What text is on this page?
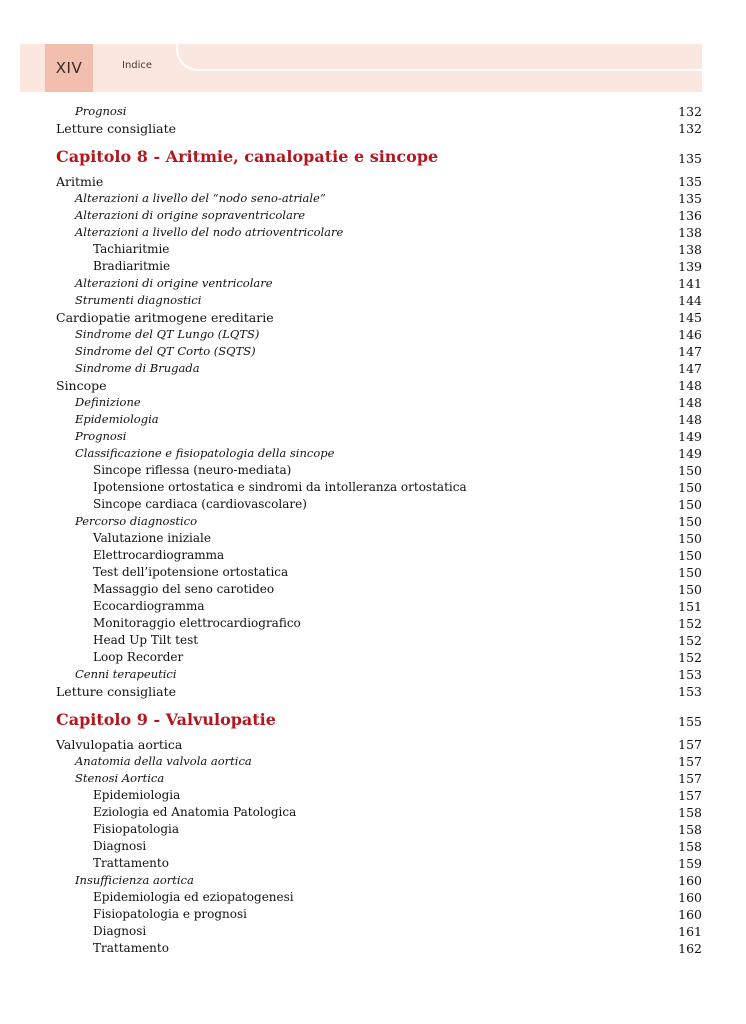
XIV	Indice
Prognosi	132
Letture consigliate	132
Capitolo 8 - Aritmie, canalopatie e sincope	135
Aritmie	135
Alterazioni a livello del “nodo seno-atriale”	135
Alterazioni di origine sopraventricolare	136
Alterazioni a livello del nodo atrioventricolare	138
Tachiaritmie	138
Bradiaritmie	139
Alterazioni di origine ventricolare	141
Strumenti diagnostici	144
Cardiopatie aritmogene ereditarie	145
Sindrome del QT Lungo (LQTS)	146
Sindrome del QT Corto (SQTS)	147
Sindrome di Brugada	147
Sincope	148
Definizione	148
Epidemiologia	148
Prognosi	149
Classificazione e fisiopatologia della sincope	149
Sincope riflessa (neuro-mediata)	150
Ipotensione ortostatica e sindromi da intolleranza ortostatica	150
Sincope cardiaca (cardiovascolare)	150
Percorso diagnostico	150
Valutazione iniziale	150
Elettrocardiogramma	150
Test dell’ipotensione ortostatica	150
Massaggio del seno carotideo	150
Ecocardiogramma	151
Monitoraggio elettrocardiografico	152
Head Up Tilt test	152
Loop Recorder	152
Cenni terapeutici	153
Letture consigliate	153
Capitolo 9 - Valvulopatie	155
Valvulopatia aortica	157
Anatomia della valvola aortica	157
Stenosi Aortica	157
Epidemiologia	157
Eziologia ed Anatomia Patologica	158
Fisiopatologia	158
Diagnosi	158
Trattamento	159
Insufficienza aortica	160
Epidemiologia ed eziopatogenesi	160
Fisiopatologia e prognosi	160
Diagnosi	161
Trattamento	162
